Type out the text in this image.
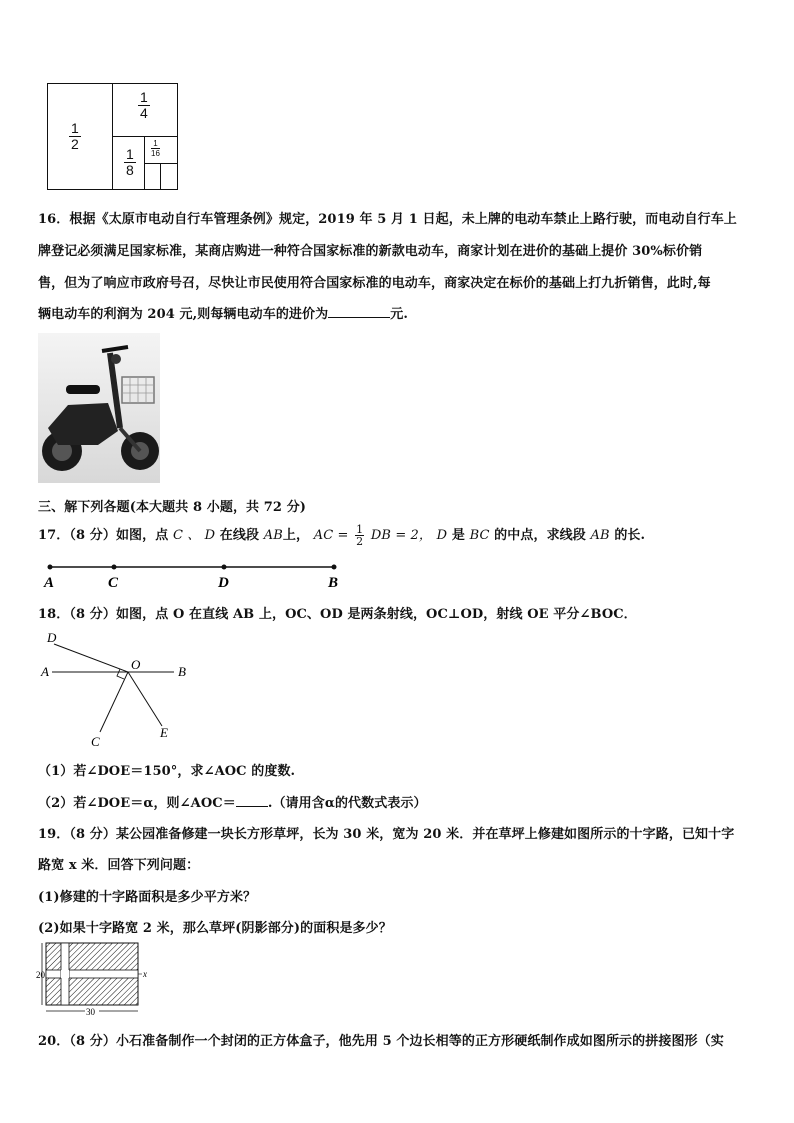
1
2
1
4
1
8
1
16
16．根据《太原市电动自行车管理条例》规定，2019 年 5 月 1 日起，未上牌的电动车禁止上路行驶，而电动自行车上
牌登记必须满足国家标准，某商店购进一种符合国家标准的新款电动车，商家计划在进价的基础上提价 30%标价销
售，但为了响应市政府号召，尽快让市民使用符合国家标准的电动车，商家决定在标价的基础上打九折销售，此时,每
辆电动车的利润为 204 元,则每辆电动车的进价为	元.
三、解下列各题(本大题共 8 小题，共 72 分)
17．（8 分）如图，点 C 、 D 在线段 AB上， AC = $\frac{1}{2}$ DB = 2， D 是 BC 的中点，求线段 AB 的长.
A	C	D	B
18．（8 分）如图，点 O 在直线 AB 上，OC、OD 是两条射线，OC⊥OD，射线 OE 平分∠BOC．
D
O
A	B
C
E
（1）若∠DOE＝150°，求∠AOC 的度数.
（2）若∠DOE＝α，则∠AOC＝ .（请用含α的代数式表示）
19．（8 分）某公园准备修建一块长方形草坪，长为 30 米，宽为 20 米．并在草坪上修建如图所示的十字路，已知十字
路宽 x 米．回答下列问题：
(1)修建的十字路面积是多少平方米？
(2)如果十字路宽 2 米，那么草坪(阴影部分)的面积是多少？
20
30
x
20．（8 分）小石准备制作一个封闭的正方体盒子，他先用 5 个边长相等的正方形硬纸制作成如图所示的拼接图形（实
